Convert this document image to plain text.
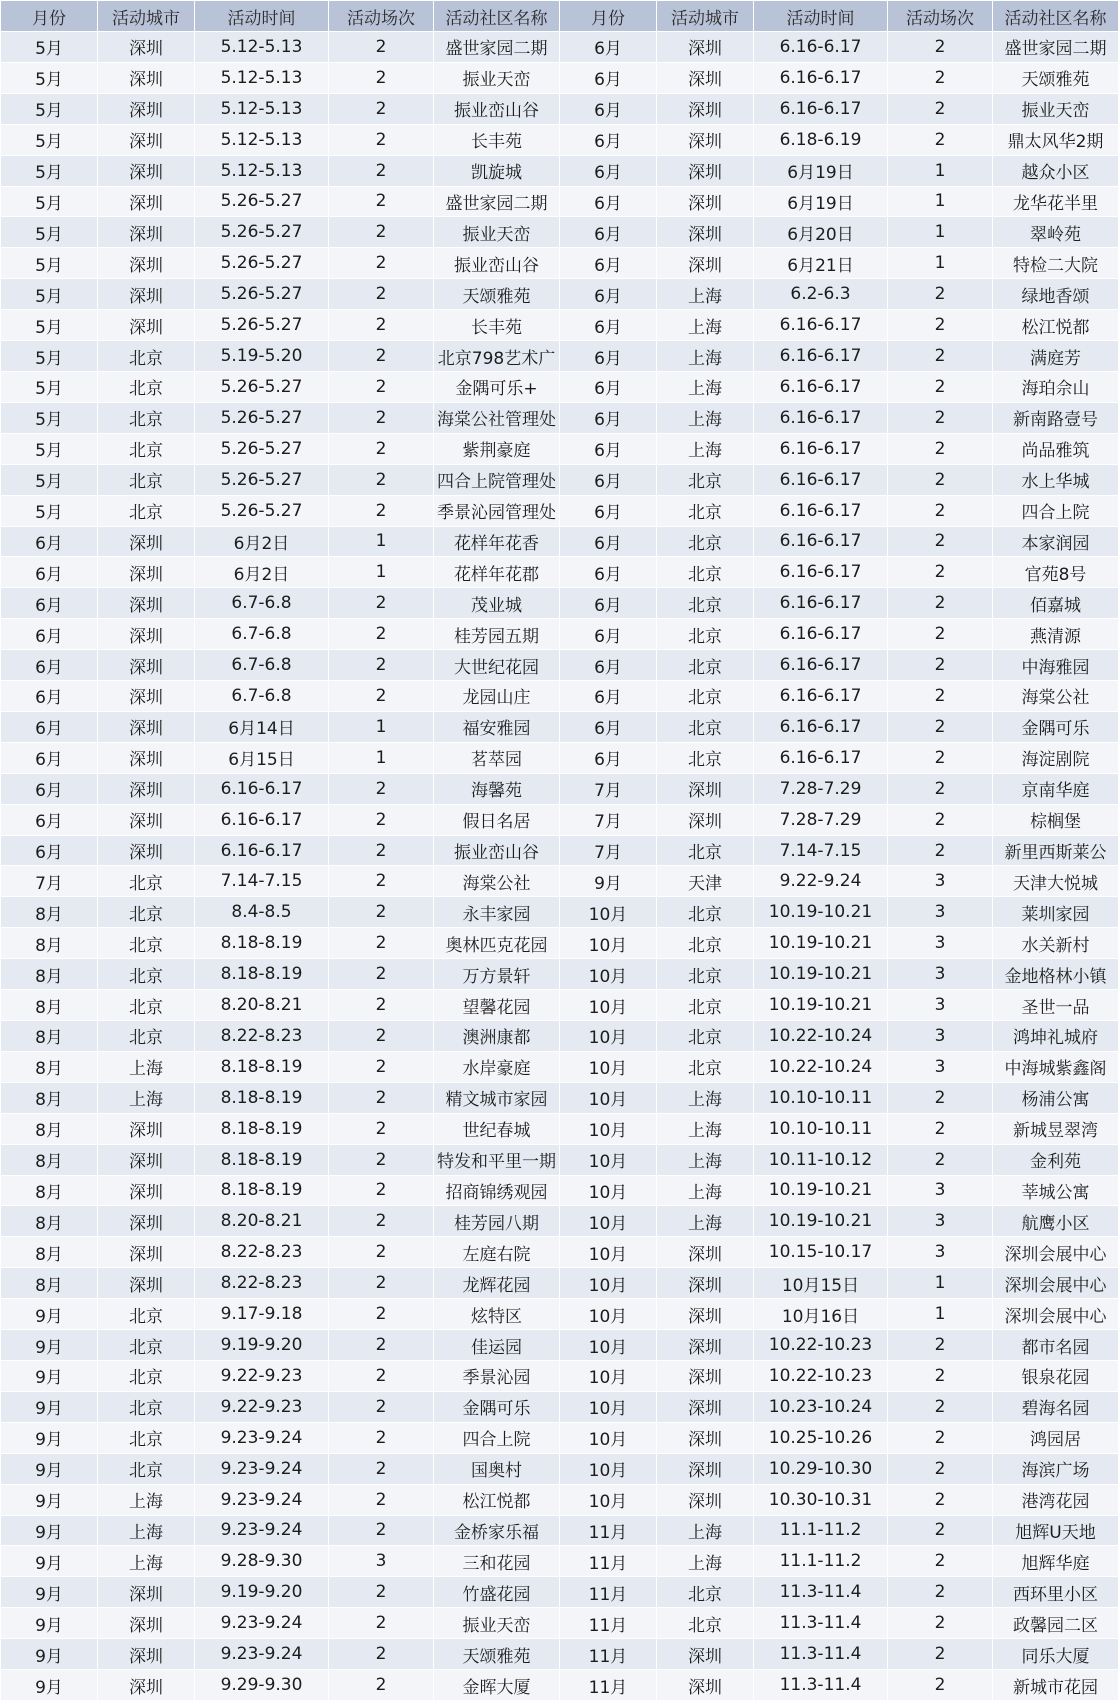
月份	活动城市	活动时间	活动场次	活动社区名称	月份	活动城市	活动时间	活动场次	活动社区名称
5月	深圳	5.12-5.13	2	盛世家园二期	6月	深圳	6.16-6.17	2	盛世家园二期
5月	深圳	5.12-5.13	2	振业天峦	6月	深圳	6.16-6.17	2	天颂雅苑
5月	深圳	5.12-5.13	2	振业峦山谷	6月	深圳	6.16-6.17	2	振业天峦
5月	深圳	5.12-5.13	2	长丰苑	6月	深圳	6.18-6.19	2	鼎太风华2期
5月	深圳	5.12-5.13	2	凯旋城	6月	深圳	6月19日	1	越众小区
5月	深圳	5.26-5.27	2	盛世家园二期	6月	深圳	6月19日	1	龙华花半里
5月	深圳	5.26-5.27	2	振业天峦	6月	深圳	6月20日	1	翠岭苑
5月	深圳	5.26-5.27	2	振业峦山谷	6月	深圳	6月21日	1	特检二大院
5月	深圳	5.26-5.27	2	天颂雅苑	6月	上海	6.2-6.3	2	绿地香颂
5月	深圳	5.26-5.27	2	长丰苑	6月	上海	6.16-6.17	2	松江悦都
5月	北京	5.19-5.20	2	北京798艺术广	6月	上海	6.16-6.17	2	满庭芳
5月	北京	5.26-5.27	2	金隅可乐+	6月	上海	6.16-6.17	2	海珀佘山
5月	北京	5.26-5.27	2	海棠公社管理处	6月	上海	6.16-6.17	2	新南路壹号
5月	北京	5.26-5.27	2	紫荆豪庭	6月	上海	6.16-6.17	2	尚品雅筑
5月	北京	5.26-5.27	2	四合上院管理处	6月	北京	6.16-6.17	2	水上华城
5月	北京	5.26-5.27	2	季景沁园管理处	6月	北京	6.16-6.17	2	四合上院
6月	深圳	6月2日	1	花样年花香	6月	北京	6.16-6.17	2	本家润园
6月	深圳	6月2日	1	花样年花郡	6月	北京	6.16-6.17	2	官苑8号
6月	深圳	6.7-6.8	2	茂业城	6月	北京	6.16-6.17	2	佰嘉城
6月	深圳	6.7-6.8	2	桂芳园五期	6月	北京	6.16-6.17	2	燕清源
6月	深圳	6.7-6.8	2	大世纪花园	6月	北京	6.16-6.17	2	中海雅园
6月	深圳	6.7-6.8	2	龙园山庄	6月	北京	6.16-6.17	2	海棠公社
6月	深圳	6月14日	1	福安雅园	6月	北京	6.16-6.17	2	金隅可乐
6月	深圳	6月15日	1	茗萃园	6月	北京	6.16-6.17	2	海淀剧院
6月	深圳	6.16-6.17	2	海馨苑	7月	深圳	7.28-7.29	2	京南华庭
6月	深圳	6.16-6.17	2	假日名居	7月	深圳	7.28-7.29	2	棕榈堡
6月	深圳	6.16-6.17	2	振业峦山谷	7月	北京	7.14-7.15	2	新里西斯莱公
7月	北京	7.14-7.15	2	海棠公社	9月	天津	9.22-9.24	3	天津大悦城
8月	北京	8.4-8.5	2	永丰家园	10月	北京	10.19-10.21	3	莱圳家园
8月	北京	8.18-8.19	2	奥林匹克花园	10月	北京	10.19-10.21	3	水关新村
8月	北京	8.18-8.19	2	万方景轩	10月	北京	10.19-10.21	3	金地格林小镇
8月	北京	8.20-8.21	2	望馨花园	10月	北京	10.19-10.21	3	圣世一品
8月	北京	8.22-8.23	2	澳洲康都	10月	北京	10.22-10.24	3	鸿坤礼城府
8月	上海	8.18-8.19	2	水岸豪庭	10月	北京	10.22-10.24	3	中海城紫鑫阁
8月	上海	8.18-8.19	2	精文城市家园	10月	上海	10.10-10.11	2	杨浦公寓
8月	深圳	8.18-8.19	2	世纪春城	10月	上海	10.10-10.11	2	新城昱翠湾
8月	深圳	8.18-8.19	2	特发和平里一期	10月	上海	10.11-10.12	2	金利苑
8月	深圳	8.18-8.19	2	招商锦绣观园	10月	上海	10.19-10.21	3	莘城公寓
8月	深圳	8.20-8.21	2	桂芳园八期	10月	上海	10.19-10.21	3	航鹰小区
8月	深圳	8.22-8.23	2	左庭右院	10月	深圳	10.15-10.17	3	深圳会展中心
8月	深圳	8.22-8.23	2	龙辉花园	10月	深圳	10月15日	1	深圳会展中心
9月	北京	9.17-9.18	2	炫特区	10月	深圳	10月16日	1	深圳会展中心
9月	北京	9.19-9.20	2	佳运园	10月	深圳	10.22-10.23	2	都市名园
9月	北京	9.22-9.23	2	季景沁园	10月	深圳	10.22-10.23	2	银泉花园
9月	北京	9.22-9.23	2	金隅可乐	10月	深圳	10.23-10.24	2	碧海名园
9月	北京	9.23-9.24	2	四合上院	10月	深圳	10.25-10.26	2	鸿园居
9月	北京	9.23-9.24	2	国奥村	10月	深圳	10.29-10.30	2	海滨广场
9月	上海	9.23-9.24	2	松江悦都	10月	深圳	10.30-10.31	2	港湾花园
9月	上海	9.23-9.24	2	金桥家乐福	11月	上海	11.1-11.2	2	旭辉U天地
9月	上海	9.28-9.30	3	三和花园	11月	上海	11.1-11.2	2	旭辉华庭
9月	深圳	9.19-9.20	2	竹盛花园	11月	北京	11.3-11.4	2	西环里小区
9月	深圳	9.23-9.24	2	振业天峦	11月	北京	11.3-11.4	2	政馨园二区
9月	深圳	9.23-9.24	2	天颂雅苑	11月	深圳	11.3-11.4	2	同乐大厦
9月	深圳	9.29-9.30	2	金晖大厦	11月	深圳	11.3-11.4	2	新城市花园
